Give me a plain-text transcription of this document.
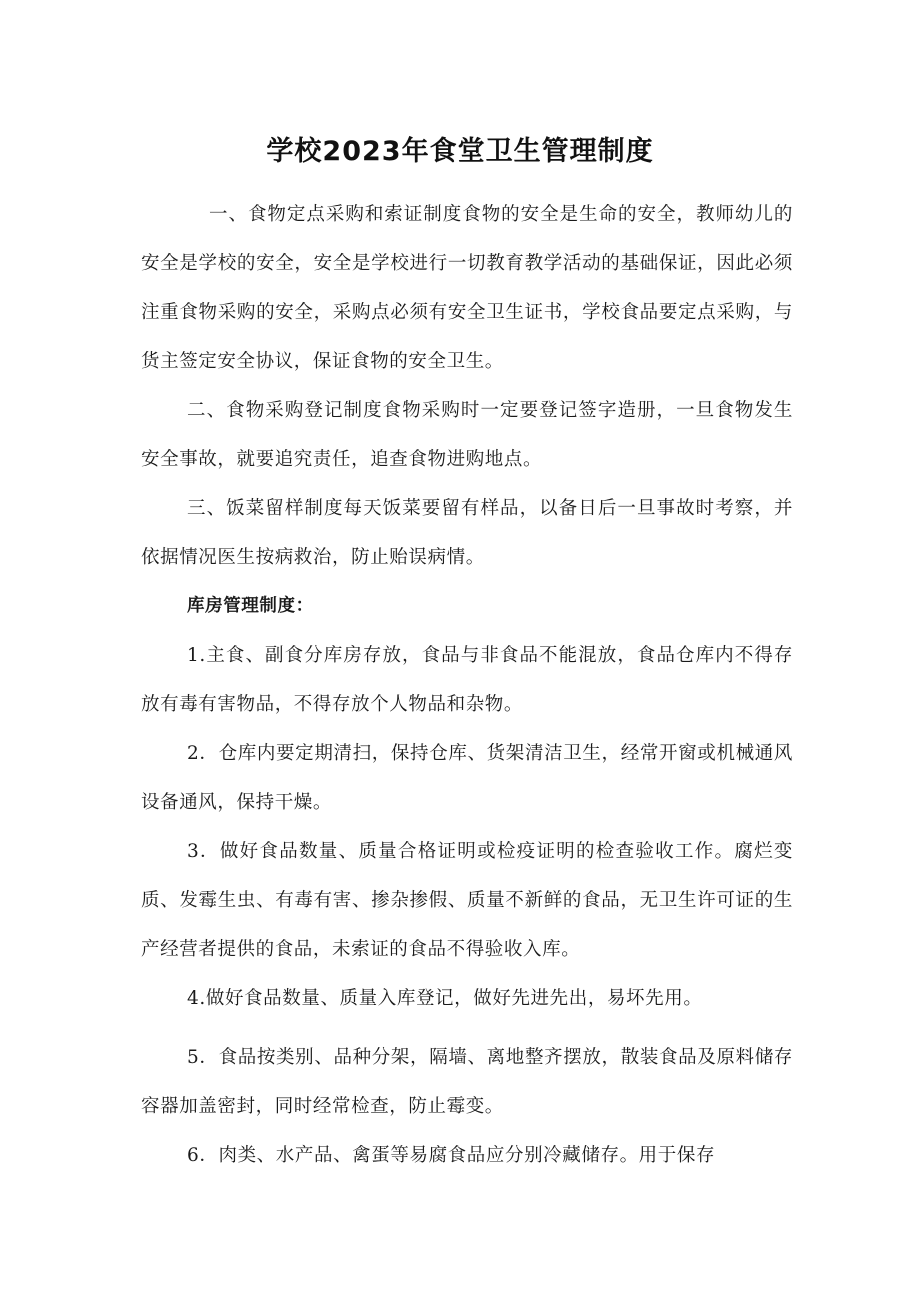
学校2023年食堂卫生管理制度

一、食物定点采购和索证制度食物的安全是生命的安全，教师幼儿的安全是学校的安全，安全是学校进行一切教育教学活动的基础保证，因此必须注重食物采购的安全，采购点必须有安全卫生证书，学校食品要定点采购，与货主签定安全协议，保证食物的安全卫生。

二、食物采购登记制度食物采购时一定要登记签字造册，一旦食物发生安全事故，就要追究责任，追查食物进购地点。

三、饭菜留样制度每天饭菜要留有样品，以备日后一旦事故时考察，并依据情况医生按病救治，防止贻误病情。

库房管理制度：

1.主食、副食分库房存放，食品与非食品不能混放，食品仓库内不得存放有毒有害物品，不得存放个人物品和杂物。

2．仓库内要定期清扫，保持仓库、货架清洁卫生，经常开窗或机械通风设备通风，保持干燥。

3．做好食品数量、质量合格证明或检疫证明的检查验收工作。腐烂变质、发霉生虫、有毒有害、掺杂掺假、质量不新鲜的食品，无卫生许可证的生产经营者提供的食品，未索证的食品不得验收入库。

4.做好食品数量、质量入库登记，做好先进先出，易坏先用。

5．食品按类别、品种分架，隔墙、离地整齐摆放，散装食品及原料储存容器加盖密封，同时经常检查，防止霉变。

6．肉类、水产品、禽蛋等易腐食品应分别冷藏储存。用于保存
